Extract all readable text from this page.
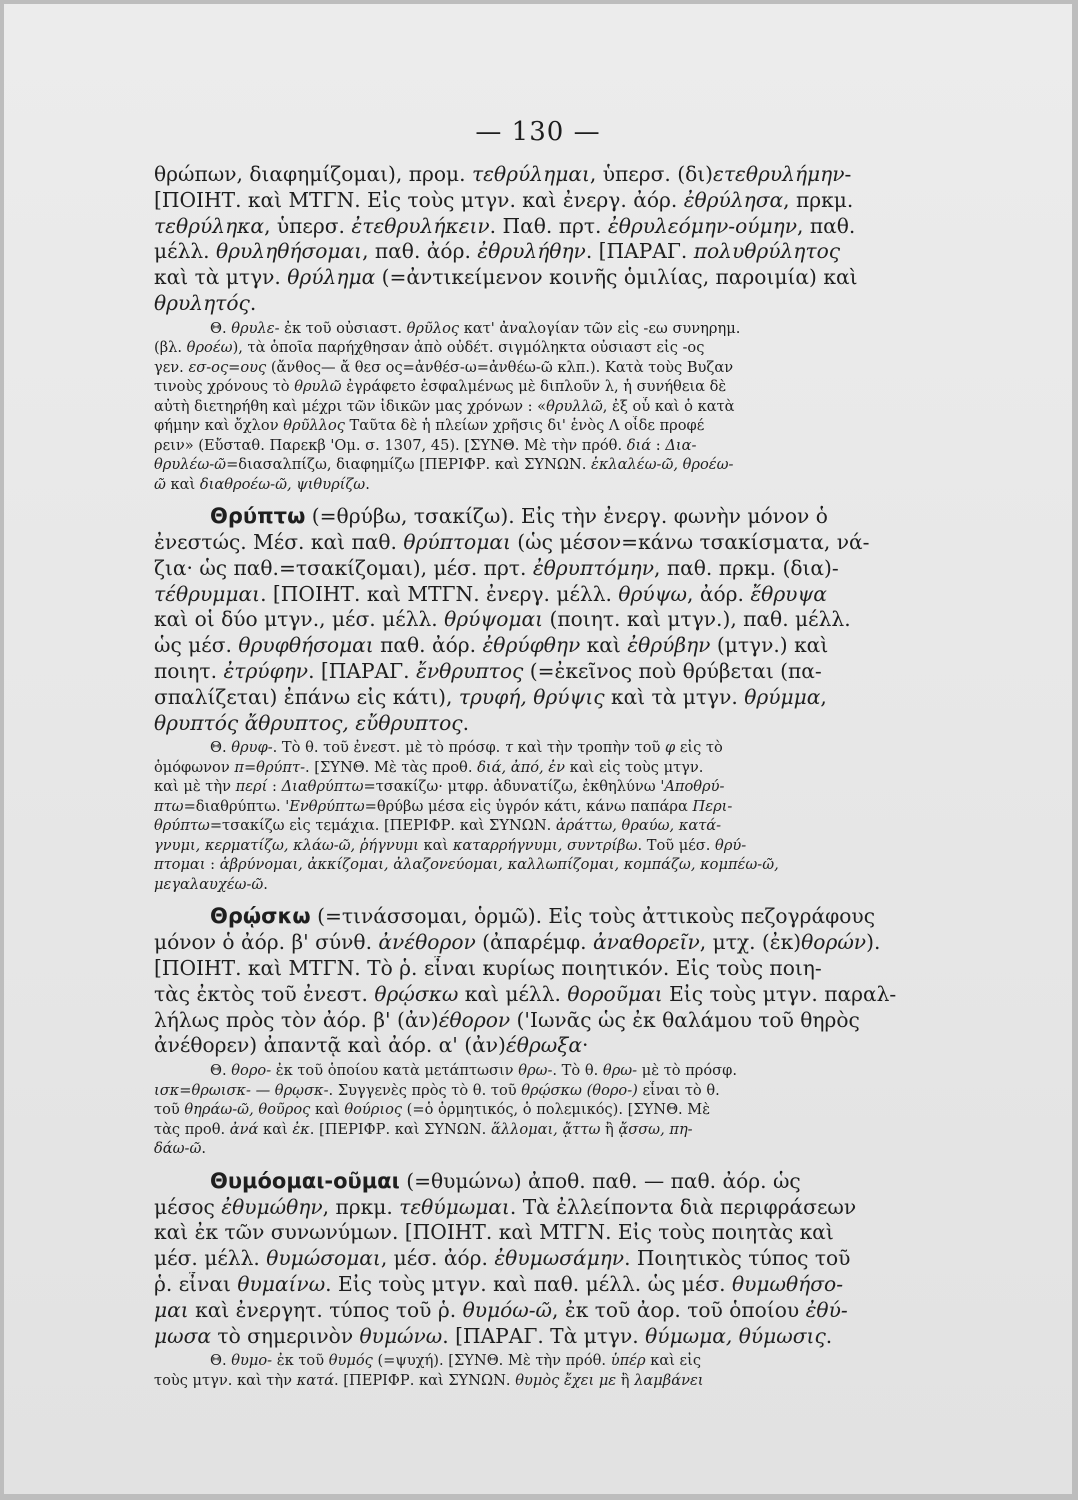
— 130 —
θρώπων, διαφημίζομαι), προμ. τεθρύλημαι, ὑπερσ. (δι)ετεθρυλήμην-
[ΠΟΙΗΤ. καὶ ΜΤΓΝ. Εἰς τοὺς μτγν. καὶ ἐνεργ. ἀόρ. ἐθρύλησα, πρκμ.
τεθρύληκα, ὑπερσ. ἐτεθρυλήκειν. Παθ. πρτ. ἐθρυλεόμην-ούμην, παθ.
μέλλ. θρυληθήσομαι, παθ. ἀόρ. ἐθρυλήθην. [ΠΑΡΑΓ. πολυθρύλητος
καὶ τὰ μτγν. θρύλημα (=ἀντικείμενον κοινῆς ὁμιλίας, παροιμία) καὶ
θρυλητός.
Θ. θρυλε- ἐκ τοῦ οὐσιαστ. θρῦλος κατ' ἀναλογίαν τῶν εἰς -εω συνηρημ.
(βλ. θροέω), τὰ ὁποῖα παρήχθησαν ἀπὸ οὐδέτ. σιγμόληκτα οὐσιαστ εἰς -ος
γεν. εσ-ος=ους (ἄνθος— ἄ θεσ ος=ἀνθέσ-ω=ἀνθέω-ῶ κλπ.). Κατὰ τοὺς Βυζαν
τινοὺς χρόνους τὸ θρυλῶ ἐγράφετο ἐσφαλμένως μὲ διπλοῦν λ, ἡ συνήθεια δὲ
αὐτὴ διετηρήθη καὶ μέχρι τῶν ἰδικῶν μας χρόνων : «θρυλλῶ, ἐξ οὗ καὶ ὁ κατὰ
φήμην καὶ ὄχλον θρῦλλος Ταῦτα δὲ ἡ πλείων χρῆσις δι' ἑνὸς Λ οἶδε προφέ
ρειν» (Εὔσταθ. Παρεκβ 'Ομ. σ. 1307, 45). [ΣΥΝΘ. Μὲ τὴν πρόθ. διά : Δια-
θρυλέω-ῶ=διασαλπίζω, διαφημίζω [ΠΕΡΙΦΡ. καὶ ΣΥΝΩΝ. ἐκλαλέω-ῶ, θροέω-
ῶ καὶ διαθροέω-ῶ, ψιθυρίζω.
Θρύπτω (=θρύβω, τσακίζω). Εἰς τὴν ἐνεργ. φωνὴν μόνον ὁ
ἐνεστώς. Μέσ. καὶ παθ. θρύπτομαι (ὡς μέσον=κάνω τσακίσματα, νά-
ζια· ὡς παθ.=τσακίζομαι), μέσ. πρτ. ἐθρυπτόμην, παθ. πρκμ. (δια)-
τέθρυμμαι. [ΠΟΙΗΤ. καὶ ΜΤΓΝ. ἐνεργ. μέλλ. θρύψω, ἀόρ. ἔθρυψα
καὶ οἱ δύο μτγν., μέσ. μέλλ. θρύψομαι (ποιητ. καὶ μτγν.), παθ. μέλλ.
ὡς μέσ. θρυφθήσομαι παθ. ἀόρ. ἐθρύφθην καὶ ἐθρύβην (μτγν.) καὶ
ποιητ. ἐτρύφην. [ΠΑΡΑΓ. ἔνθρυπτος (=ἐκεῖνος ποὺ θρύβεται (πα-
σπαλίζεται) ἐπάνω εἰς κάτι), τρυφή, θρύψις καὶ τὰ μτγν. θρύμμα,
θρυπτός ἄθρυπτος, εὔθρυπτος.
Θ. θρυφ-. Τὸ θ. τοῦ ἐνεστ. μὲ τὸ πρόσφ. τ καὶ τὴν τροπὴν τοῦ φ εἰς τὸ
ὁμόφωνον π=θρύπτ-. [ΣΥΝΘ. Μὲ τὰς προθ. διά, ἀπό, ἐν καὶ εἰς τοὺς μτγν.
καὶ μὲ τὴν περί : Διαθρύπτω=τσακίζω· μτφρ. ἀδυνατίζω, ἐκθηλύνω 'Αποθρύ-
πτω=διαθρύπτω. 'Ενθρύπτω=θρύβω μέσα εἰς ὑγρόν κάτι, κάνω παπάρα Περι-
θρύπτω=τσακίζω εἰς τεμάχια. [ΠΕΡΙΦΡ. καὶ ΣΥΝΩΝ. ἀράττω, θραύω, κατά-
γνυμι, κερματίζω, κλάω-ῶ, ῥήγνυμι καὶ καταρρήγνυμι, συντρίβω. Τοῦ μέσ. θρύ-
πτομαι : ἁβρύνομαι, ἀκκίζομαι, ἀλαζονεύομαι, καλλωπίζομαι, κομπάζω, κομπέω-ῶ,
μεγαλαυχέω-ῶ.
Θρῴσκω (=τινάσσομαι, ὁρμῶ). Εἰς τοὺς ἀττικοὺς πεζογράφους
μόνον ὁ ἀόρ. β' σύνθ. ἀνέθορον (ἀπαρέμφ. ἀναθορεῖν, μτχ. (ἐκ)θορών).
[ΠΟΙΗΤ. καὶ ΜΤΓΝ. Τὸ ῥ. εἶναι κυρίως ποιητικόν. Εἰς τοὺς ποιη-
τὰς ἐκτὸς τοῦ ἐνεστ. θρῴσκω καὶ μέλλ. θοροῦμαι Εἰς τοὺς μτγν. παραλ-
λήλως πρὸς τὸν ἀόρ. β' (ἀν)έθορον ('Ιωνᾶς ὡς ἐκ θαλάμου τοῦ θηρὸς
ἀνέθορεν) ἀπαντᾷ καὶ ἀόρ. α' (ἀν)έθρωξα·
Θ. θορο- ἐκ τοῦ ὁποίου κατὰ μετάπτωσιν θρω-. Τὸ θ. θρω- μὲ τὸ πρόσφ.
ισκ=θρωισκ- — θρῳσκ-. Συγγενὲς πρὸς τὸ θ. τοῦ θρῴσκω (θορο-) εἶναι τὸ θ.
τοῦ θηράω-ῶ, θοῦρος καὶ θούριος (=ὁ ὁρμητικός, ὁ πολεμικός). [ΣΥΝΘ. Μὲ
τὰς προθ. ἀνά καὶ ἐκ. [ΠΕΡΙΦΡ. καὶ ΣΥΝΩΝ. ἅλλομαι, ᾄττω ἢ ᾄσσω, πη-
δάω-ῶ.
Θυμόομαι-οῦμαι (=θυμώνω) ἀποθ. παθ. — παθ. ἀόρ. ὡς
μέσος ἐθυμώθην, πρκμ. τεθύμωμαι. Τὰ ἐλλείποντα διὰ περιφράσεων
καὶ ἐκ τῶν συνωνύμων. [ΠΟΙΗΤ. καὶ ΜΤΓΝ. Εἰς τοὺς ποιητὰς καὶ
μέσ. μέλλ. θυμώσομαι, μέσ. ἀόρ. ἐθυμωσάμην. Ποιητικὸς τύπος τοῦ
ῥ. εἶναι θυμαίνω. Εἰς τοὺς μτγν. καὶ παθ. μέλλ. ὡς μέσ. θυμωθήσο-
μαι καὶ ἐνεργητ. τύπος τοῦ ῥ. θυμόω-ῶ, ἐκ τοῦ ἀορ. τοῦ ὁποίου ἐθύ-
μωσα τὸ σημερινὸν θυμώνω. [ΠΑΡΑΓ. Τὰ μτγν. θύμωμα, θύμωσις.
Θ. θυμο- ἐκ τοῦ θυμός (=ψυχή). [ΣΥΝΘ. Μὲ τὴν πρόθ. ὑπέρ καὶ εἰς
τοὺς μτγν. καὶ τὴν κατά. [ΠΕΡΙΦΡ. καὶ ΣΥΝΩΝ. θυμὸς ἔχει με ἢ λαμβάνει
